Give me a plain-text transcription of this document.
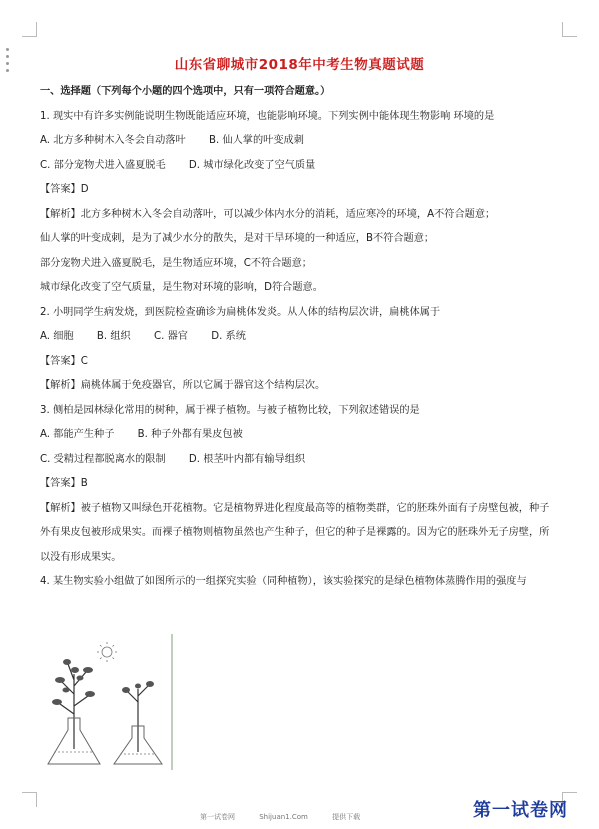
山东省聊城市2018年中考生物真题试题
一、选择题（下列每个小题的四个选项中，只有一项符合题意。）
1. 现实中有许多实例能说明生物既能适应环境，也能影响环境。下列实例中能体现生物影响 环境的是
A. 北方多种树木入冬会自动落叶 B. 仙人掌的叶变成刺
C. 部分宠物犬进入盛夏脱毛 D. 城市绿化改变了空气质量
【答案】D
【解析】北方多种树木入冬会自动落叶，可以减少体内水分的消耗，适应寒冷的环境，A不符合题意；
仙人掌的叶变成刺，是为了减少水分的散失，是对干旱环境的一种适应，B不符合题意；
部分宠物犬进入盛夏脱毛，是生物适应环境，C不符合题意；
城市绿化改变了空气质量，是生物对环境的影响，D符合题意。
2. 小明同学生病发烧，到医院检查确诊为扁桃体发炎。从人体的结构层次讲，扁桃体属于
A. 细胞 B. 组织 C. 器官 D. 系统
【答案】C
【解析】扁桃体属于免疫器官，所以它属于器官这个结构层次。
3. 侧柏是园林绿化常用的树种，属于裸子植物。与被子植物比较，下列叙述错误的是
A. 都能产生种子 B. 种子外都有果皮包被
C. 受精过程都脱离水的限制 D. 根茎叶内都有输导组织
【答案】B
【解析】被子植物又叫绿色开花植物。它是植物界进化程度最高等的植物类群，它的胚珠外面有子房壁包被，种子外有果皮包被形成果实。而裸子植物则植物虽然也产生种子，但它的种子是裸露的。因为它的胚珠外无子房壁，所以没有形成果实。
4. 某生物实验小组做了如图所示的一组探究实验（同种植物），该实验探究的是绿色植物体蒸腾作用的强度与
第一试卷网	Shijuan1.Com	提供下载	第一试卷网
